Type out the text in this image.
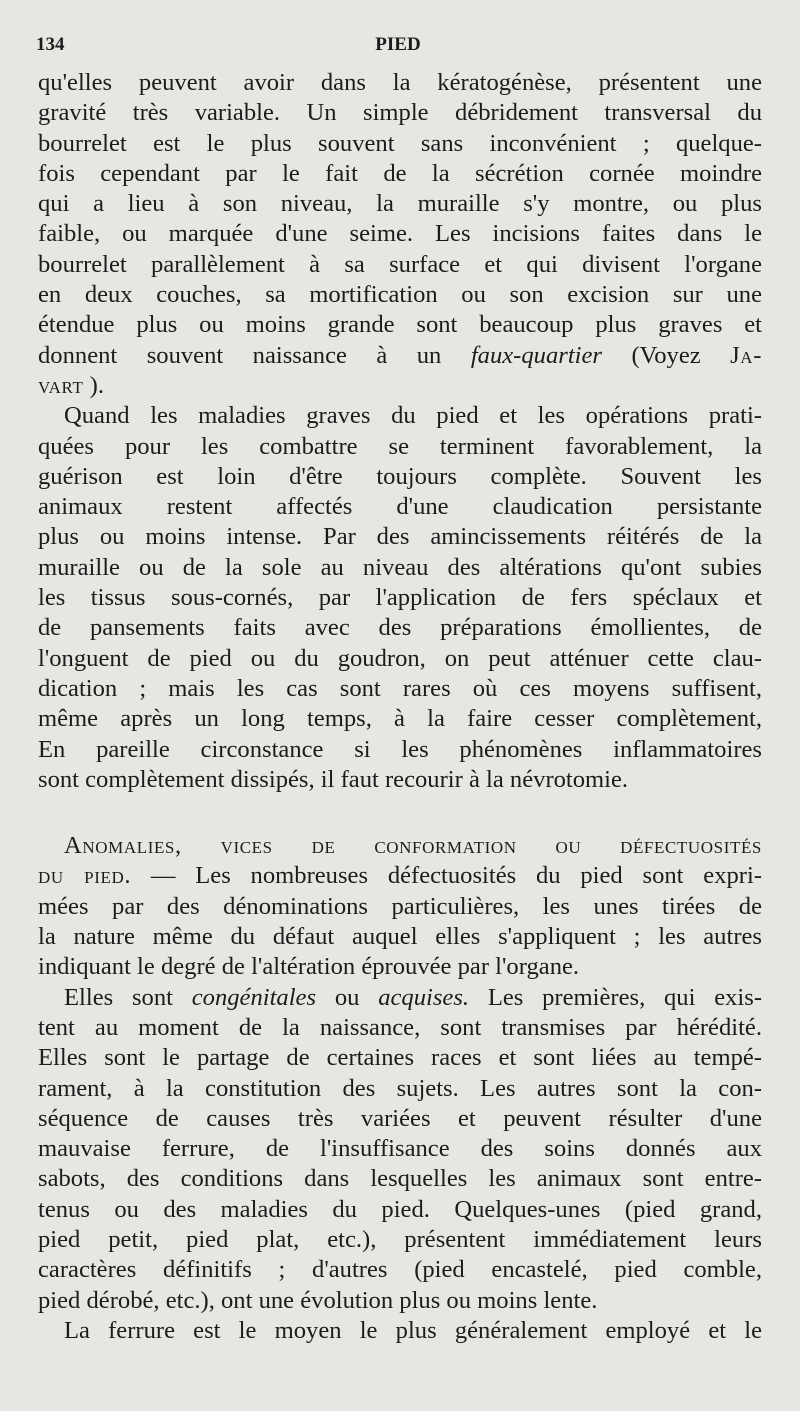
134	PIED
qu'elles peuvent avoir dans la kératogénèse, présentent une
gravité très variable. Un simple débridement transversal du
bourrelet est le plus souvent sans inconvénient ; quelque-
fois cependant par le fait de la sécrétion cornée moindre
qui a lieu à son niveau, la muraille s'y montre, ou plus
faible, ou marquée d'une seime. Les incisions faites dans le
bourrelet parallèlement à sa surface et qui divisent l'organe
en deux couches, sa mortification ou son excision sur une
étendue plus ou moins grande sont beaucoup plus graves et
donnent souvent naissance à un faux-quartier (Voyez Ja-
vart ).
Quand les maladies graves du pied et les opérations prati-
quées pour les combattre se terminent favorablement, la
guérison est loin d'être toujours complète. Souvent les
animaux restent affectés d'une claudication persistante
plus ou moins intense. Par des amincissements réitérés de la
muraille ou de la sole au niveau des altérations qu'ont subies
les tissus sous-cornés, par l'application de fers spéclaux et
de pansements faits avec des préparations émollientes, de
l'onguent de pied ou du goudron, on peut atténuer cette clau-
dication ; mais les cas sont rares où ces moyens suffisent,
même après un long temps, à la faire cesser complètement,
En pareille circonstance si les phénomènes inflammatoires
sont complètement dissipés, il faut recourir à la névrotomie.
Anomalies, vices de conformation ou défectuosités
du pied. — Les nombreuses défectuosités du pied sont expri-
mées par des dénominations particulières, les unes tirées de
la nature même du défaut auquel elles s'appliquent ; les autres
indiquant le degré de l'altération éprouvée par l'organe.
Elles sont congénitales ou acquises. Les premières, qui exis-
tent au moment de la naissance, sont transmises par hérédité.
Elles sont le partage de certaines races et sont liées au tempé-
rament, à la constitution des sujets. Les autres sont la con-
séquence de causes très variées et peuvent résulter d'une
mauvaise ferrure, de l'insuffisance des soins donnés aux
sabots, des conditions dans lesquelles les animaux sont entre-
tenus ou des maladies du pied. Quelques-unes (pied grand,
pied petit, pied plat, etc.), présentent immédiatement leurs
caractères définitifs ; d'autres (pied encastelé, pied comble,
pied dérobé, etc.), ont une évolution plus ou moins lente.
La ferrure est le moyen le plus généralement employé et le
